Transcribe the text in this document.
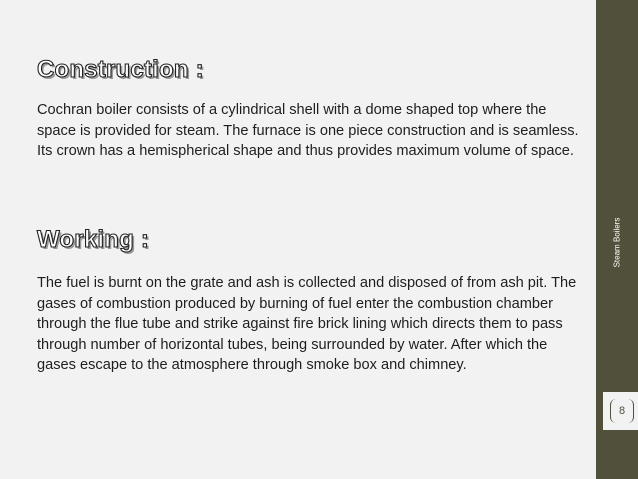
Construction :

Cochran boiler consists of a cylindrical shell with a dome shaped top where the space is provided for steam. The furnace is one piece construction and is seamless. Its crown has a hemispherical shape and thus provides maximum volume of space.

Working :

The fuel is burnt on the grate and ash is collected and disposed of from ash pit. The gases of combustion produced by burning of fuel enter the combustion chamber through the flue tube and strike against fire brick lining which directs them to pass through number of horizontal tubes, being surrounded by water. After which the gases escape to the atmosphere through smoke box and chimney.

Steam Boilers
8
